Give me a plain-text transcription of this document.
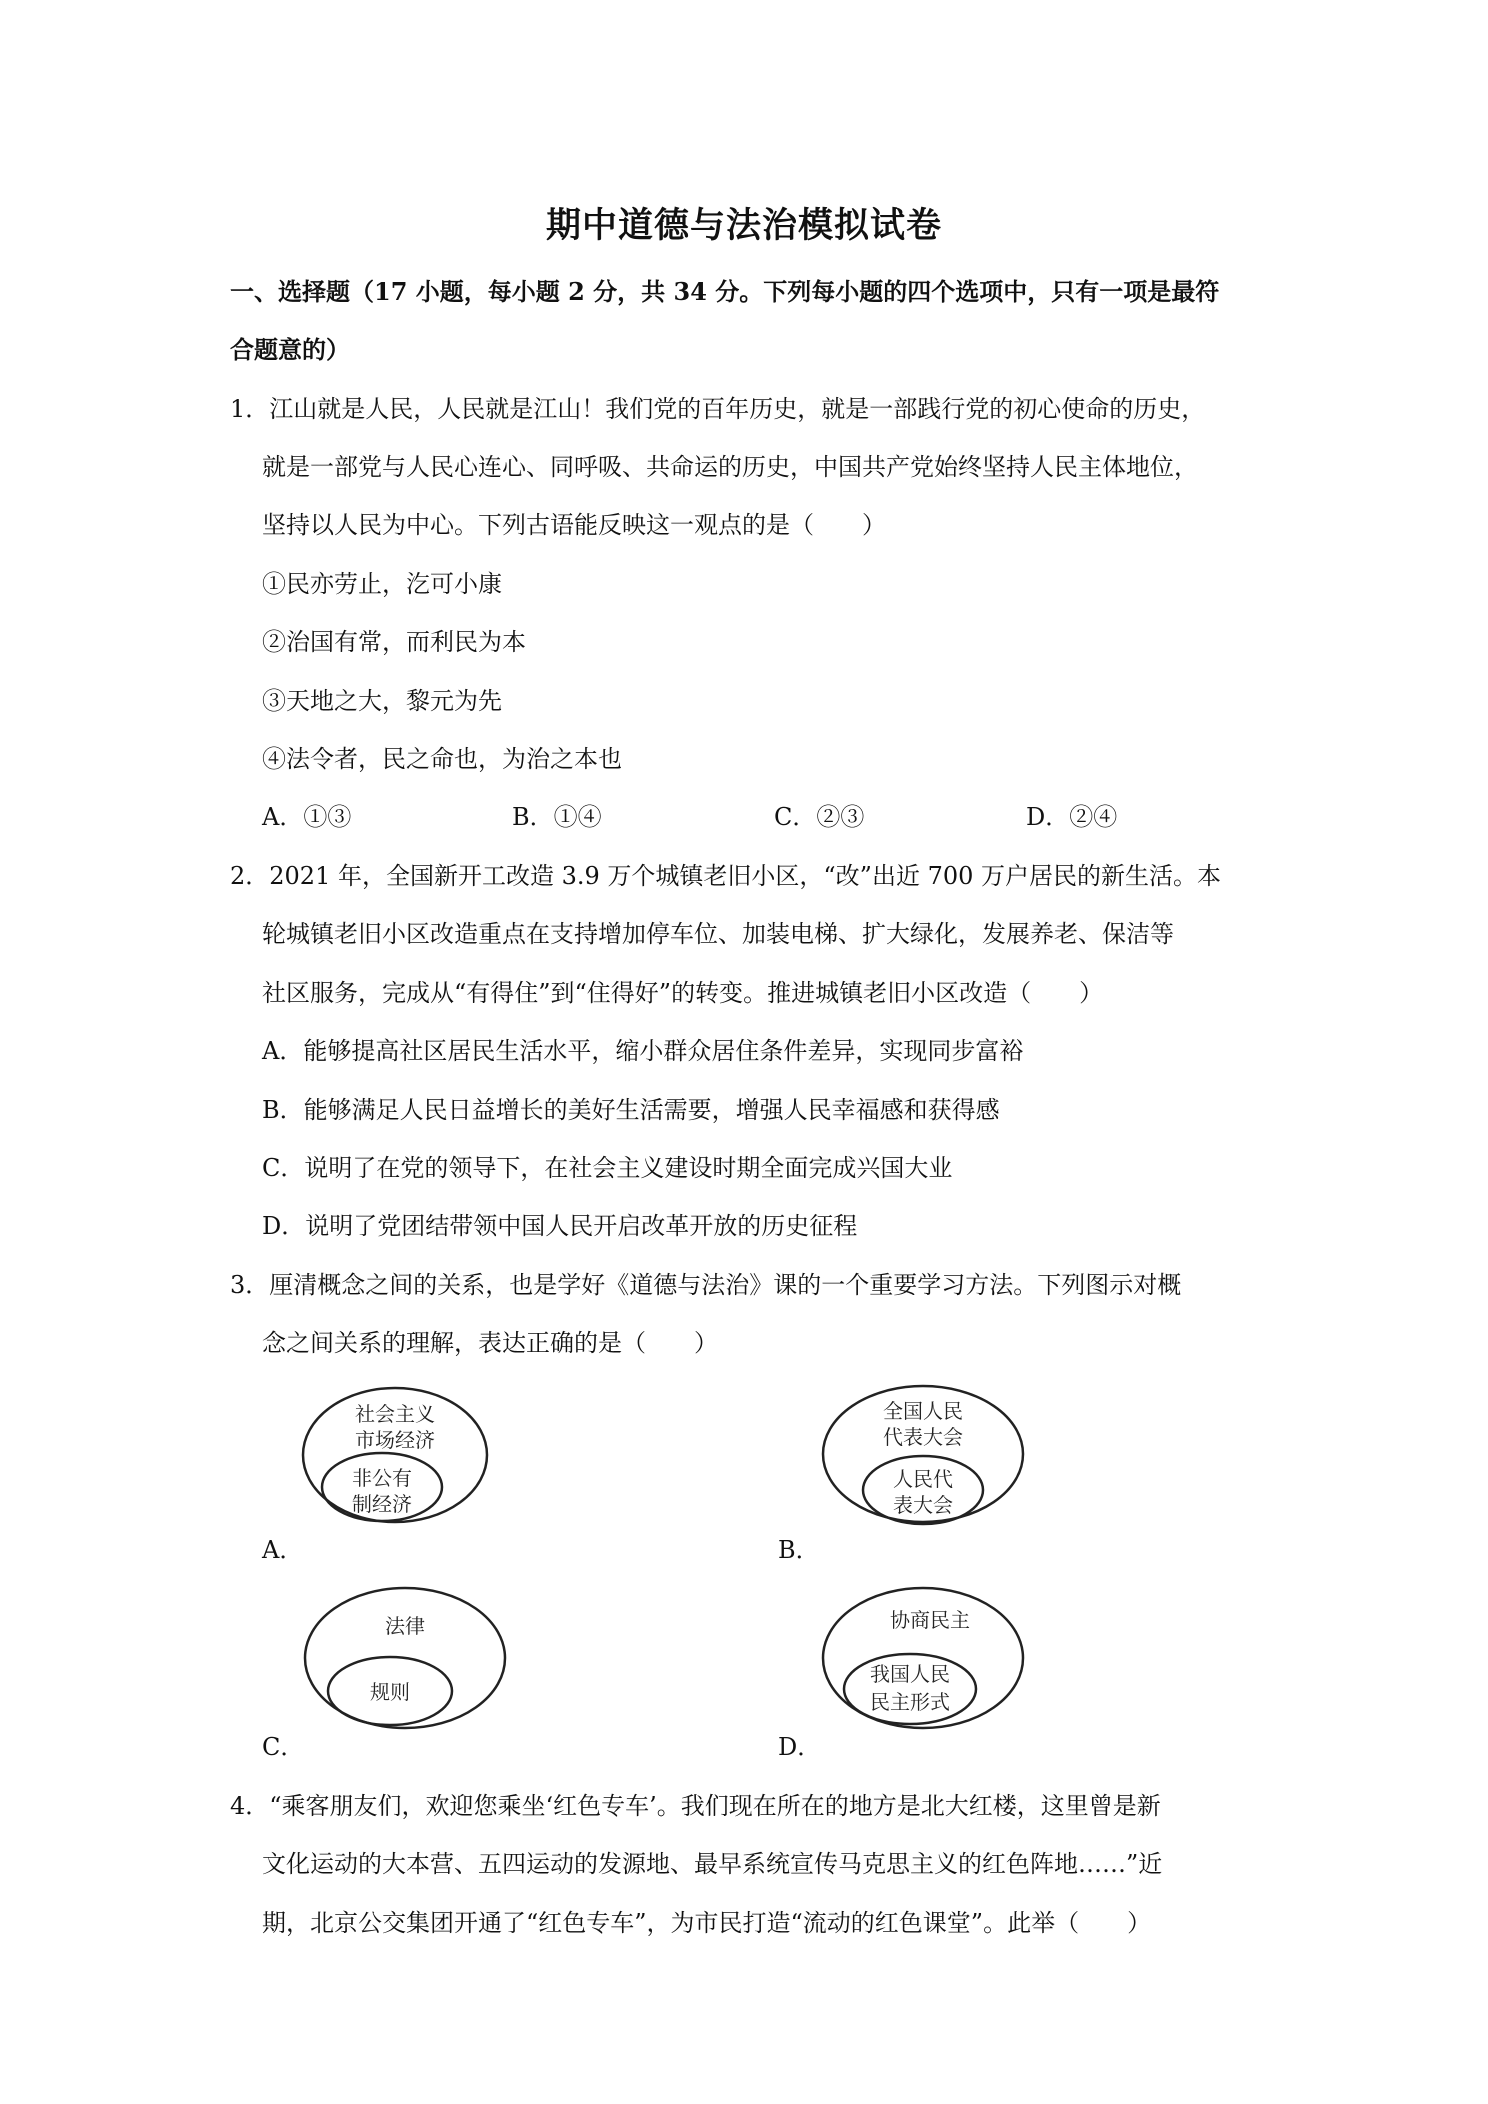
期中道德与法治模拟试卷
一、选择题（17 小题，每小题 2 分，共 34 分。下列每小题的四个选项中，只有一项是最符
合题意的）
1．江山就是人民，人民就是江山！我们党的百年历史，就是一部践行党的初心使命的历史，
就是一部党与人民心连心、同呼吸、共命运的历史，中国共产党始终坚持人民主体地位，
坚持以人民为中心。下列古语能反映这一观点的是（　　）
①民亦劳止，汔可小康
②治国有常，而利民为本
③天地之大，黎元为先
④法令者，民之命也，为治之本也
A．①③	B．①④	C．②③	D．②④
2．2021 年，全国新开工改造 3.9 万个城镇老旧小区，“改”出近 700 万户居民的新生活。本
轮城镇老旧小区改造重点在支持增加停车位、加装电梯、扩大绿化，发展养老、保洁等
社区服务，完成从“有得住”到“住得好”的转变。推进城镇老旧小区改造（　　）
A．能够提高社区居民生活水平，缩小群众居住条件差异，实现同步富裕
B．能够满足人民日益增长的美好生活需要，增强人民幸福感和获得感
C．说明了在党的领导下，在社会主义建设时期全面完成兴国大业
D．说明了党团结带领中国人民开启改革开放的历史征程
3．厘清概念之间的关系，也是学好《道德与法治》课的一个重要学习方法。下列图示对概
念之间关系的理解，表达正确的是（　　）
社会主义
市场经济
非公有
制经济
A．
全国人民
代表大会
人民代
表大会
B．
法律
规则
C．
协商民主
我国人民
民主形式
D．
4．“乘客朋友们，欢迎您乘坐‘红色专车’。我们现在所在的地方是北大红楼，这里曾是新
文化运动的大本营、五四运动的发源地、最早系统宣传马克思主义的红色阵地……”近
期，北京公交集团开通了“红色专车”，为市民打造“流动的红色课堂”。此举（　　）
